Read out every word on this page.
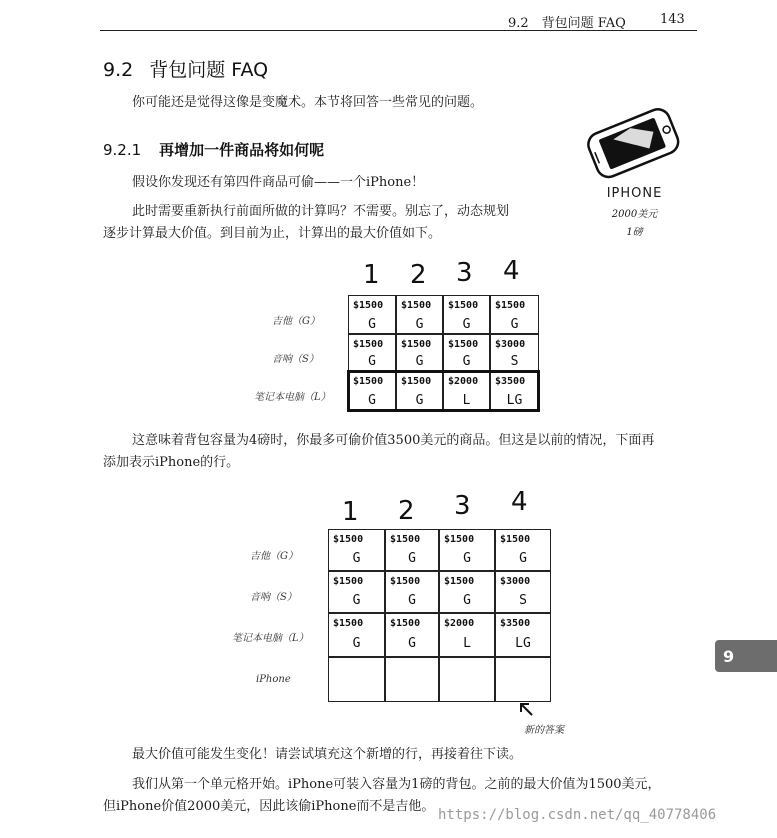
9.2　背包问题 FAQ	143
9.2 背包问题 FAQ
你可能还是觉得这像是变魔术。本节将回答一些常见的问题。
9.2.1 再增加一件商品将如何呢
假设你发现还有第四件商品可偷——一个iPhone！
此时需要重新执行前面所做的计算吗？不需要。别忘了，动态规划
逐步计算最大价值。到目前为止，计算出的最大价值如下。
IPHONE
2000美元
1磅
1 2 3 4
吉他（G）
音响（S）
笔记本电脑（L）
$1500
G
$1500
G
$1500
G
$1500
G
$1500
G
$1500
G
$1500
G
$3000
S
$1500
G
$1500
G
$2000
L
$3500
LG
这意味着背包容量为4磅时，你最多可偷价值3500美元的商品。但这是以前的情况，下面再
添加表示iPhone的行。
1 2 3 4
吉他（G）
音响（S）
笔记本电脑（L）
iPhone
$1500
G
$1500
G
$1500
G
$1500
G
$1500
G
$1500
G
$1500
G
$3000
S
$1500
G
$1500
G
$2000
L
$3500
LG
新的答案
最大价值可能发生变化！请尝试填充这个新增的行，再接着往下读。
我们从第一个单元格开始。iPhone可装入容量为1磅的背包。之前的最大价值为1500美元，
但iPhone价值2000美元，因此该偷iPhone而不是吉他。
9
https://blog.csdn.net/qq_40778406
